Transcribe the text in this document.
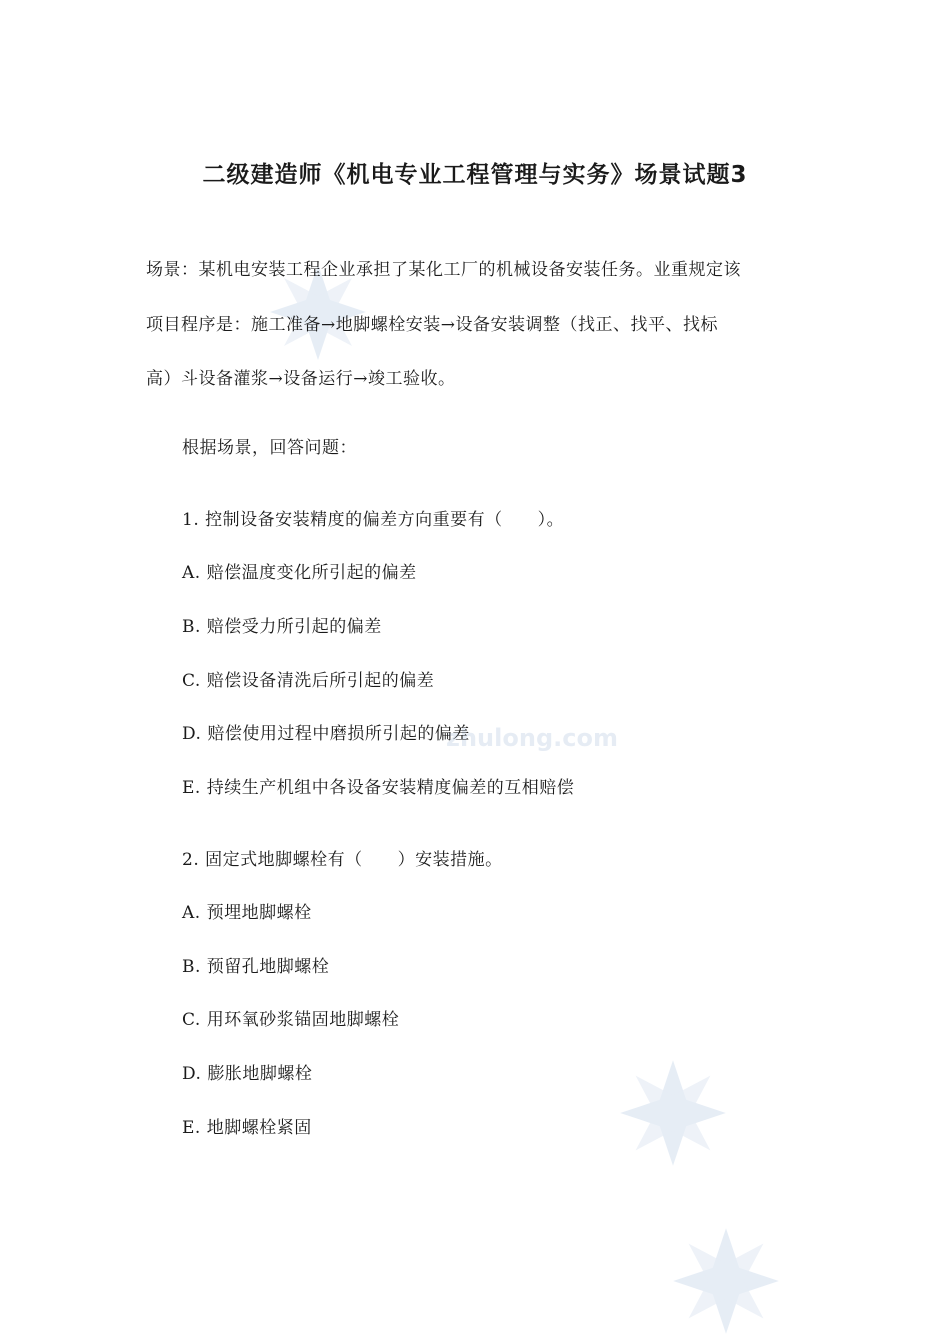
zhulong.com
二级建造师《机电专业工程管理与实务》场景试题3
场景：某机电安装工程企业承担了某化工厂的机械设备安装任务。业重规定该
项目程序是：施工准备→地脚螺栓安装→设备安装调整（找正、找平、找标
高）斗设备灌浆→设备运行→竣工验收。
根据场景，回答问题：
1. 控制设备安装精度的偏差方向重要有（　　）。
A. 赔偿温度变化所引起的偏差
B. 赔偿受力所引起的偏差
C. 赔偿设备清洗后所引起的偏差
D. 赔偿使用过程中磨损所引起的偏差
E. 持续生产机组中各设备安装精度偏差的互相赔偿
2. 固定式地脚螺栓有（　　）安装措施。
A. 预埋地脚螺栓
B. 预留孔地脚螺栓
C. 用环氧砂浆锚固地脚螺栓
D. 膨胀地脚螺栓
E. 地脚螺栓紧固
